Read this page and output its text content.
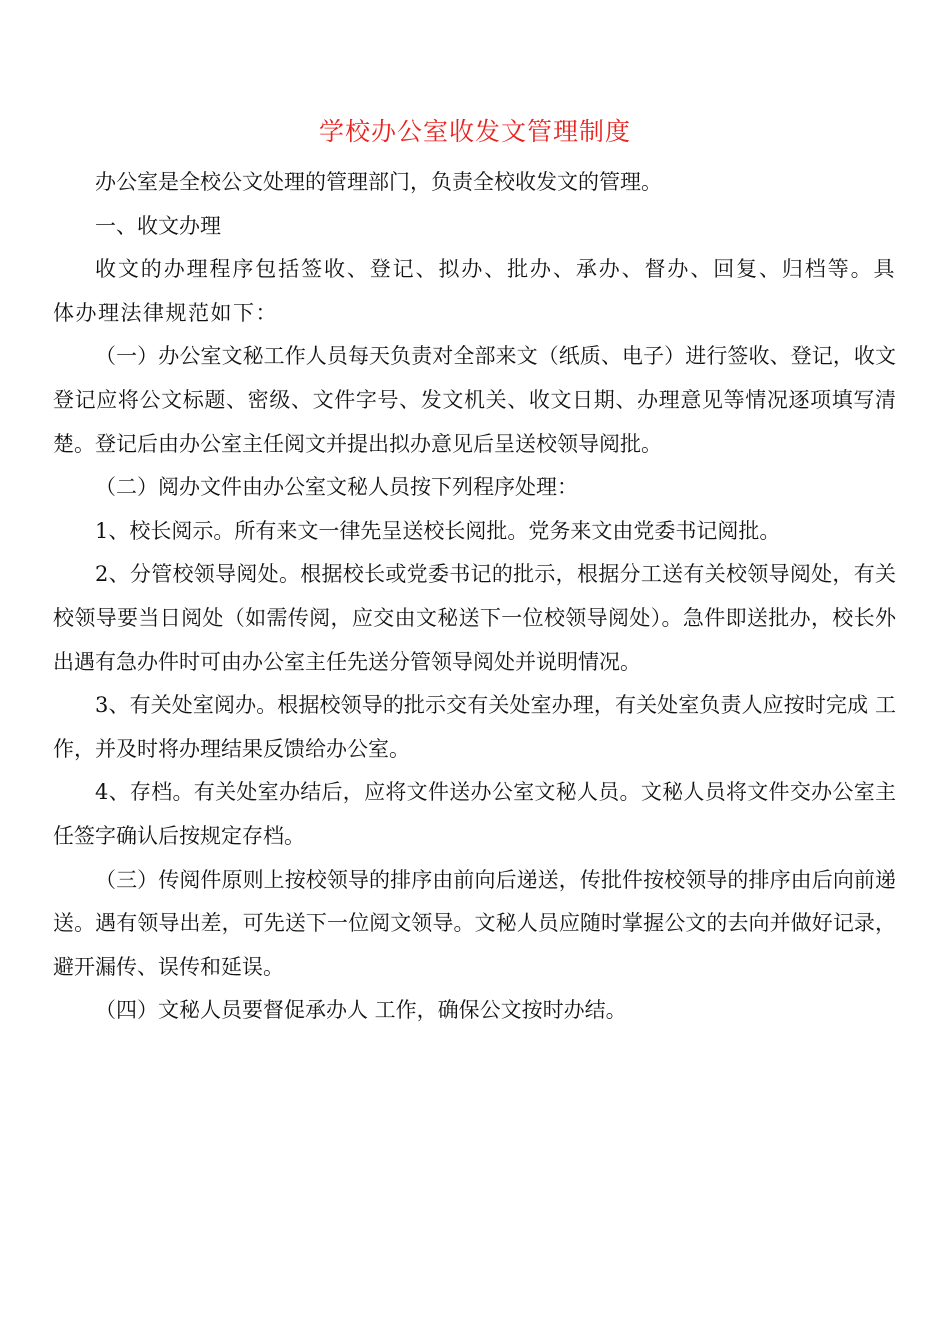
学校办公室收发文管理制度

办公室是全校公文处理的管理部门，负责全校收发文的管理。

一、收文办理

收文的办理程序包括签收、登记、拟办、批办、承办、督办、回复、归档等。具体办理法律规范如下：

（一）办公室文秘工作人员每天负责对全部来文（纸质、电子）进行签收、登记，收文登记应将公文标题、密级、文件字号、发文机关、收文日期、办理意见等情况逐项填写清楚。登记后由办公室主任阅文并提出拟办意见后呈送校领导阅批。

（二）阅办文件由办公室文秘人员按下列程序处理：

1、校长阅示。所有来文一律先呈送校长阅批。党务来文由党委书记阅批。

2、分管校领导阅处。根据校长或党委书记的批示，根据分工送有关校领导阅处，有关校领导要当日阅处（如需传阅，应交由文秘送下一位校领导阅处）。急件即送批办，校长外出遇有急办件时可由办公室主任先送分管领导阅处并说明情况。

3、有关处室阅办。根据校领导的批示交有关处室办理，有关处室负责人应按时完成 工作，并及时将办理结果反馈给办公室。

4、存档。有关处室办结后，应将文件送办公室文秘人员。文秘人员将文件交办公室主任签字确认后按规定存档。

（三）传阅件原则上按校领导的排序由前向后递送，传批件按校领导的排序由后向前递送。遇有领导出差，可先送下一位阅文领导。文秘人员应随时掌握公文的去向并做好记录，避开漏传、误传和延误。

（四）文秘人员要督促承办人 工作，确保公文按时办结。
